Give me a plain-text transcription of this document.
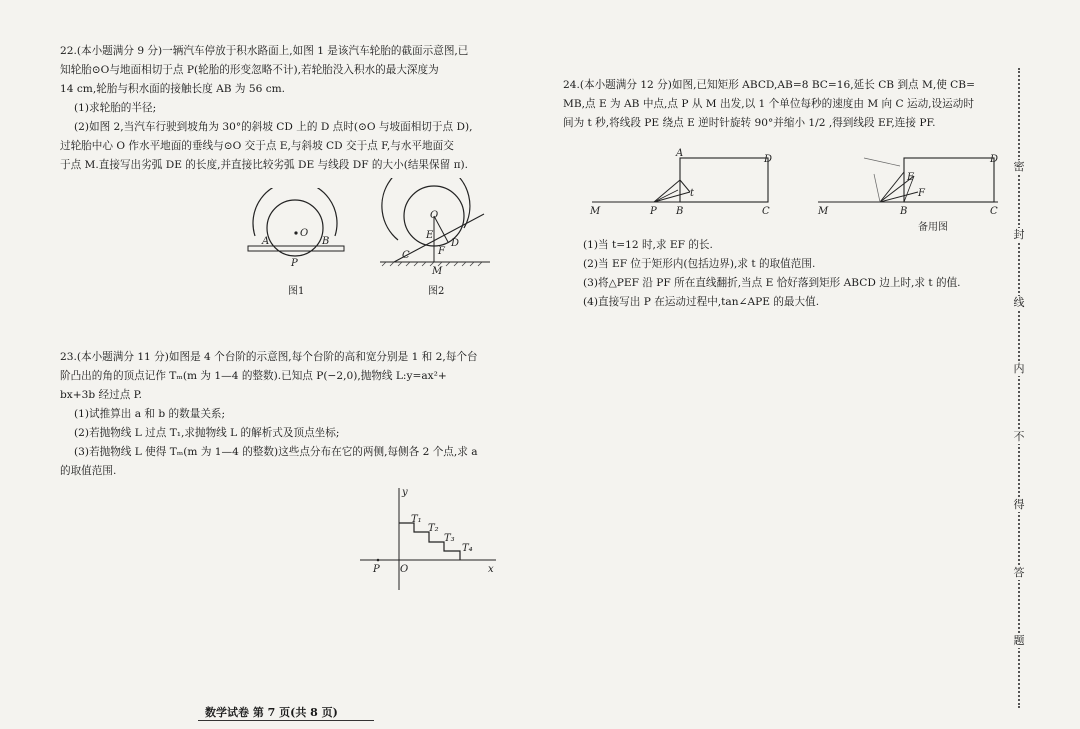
22.(本小题满分 9 分)一辆汽车停放于积水路面上,如图 1 是该汽车轮胎的截面示意图,已

知轮胎⊙O与地面相切于点 P(轮胎的形变忽略不计),若轮胎没入积水的最大深度为

14 cm,轮胎与积水面的接触长度 AB 为 56 cm.

(1)求轮胎的半径;

(2)如图 2,当汽车行驶到坡角为 30°的斜坡 CD 上的 D 点时(⊙O 与坡面相切于点 D),

过轮胎中心 O 作水平地面的垂线与⊙O 交于点 E,与斜坡 CD 交于点 F,与水平地面交

于点 M.直接写出劣弧 DE 的长度,并直接比较劣弧 DE 与线段 DF 的大小(结果保留 π).

O
A	B
P
图1
O
E
D
F
C
M
图2

23.(本小题满分 11 分)如图是 4 个台阶的示意图,每个台阶的高和宽分别是 1 和 2,每个台

阶凸出的角的顶点记作 Tₘ(m 为 1—4 的整数).已知点 P(−2,0),抛物线 L:y=ax²+

bx+3b 经过点 P.

(1)试推算出 a 和 b 的数量关系;

(2)若抛物线 L 过点 T₁,求抛物线 L 的解析式及顶点坐标;

(3)若抛物线 L 使得 Tₘ(m 为 1—4 的整数)这些点分布在它的两侧,每侧各 2 个点,求 a

的取值范围.

y
x
O
P
T₁
T₂
T₃
T₄

24.(本小题满分 12 分)如图,已知矩形 ABCD,AB=8 BC=16,延长 CB 到点 M,使 CB=

MB,点 E 为 AB 中点,点 P 从 M 出发,以 1 个单位每秒的速度由 M 向 C 运动,设运动时

间为 t 秒,将线段 PE 绕点 E 逆时针旋转 90°并缩小 1/2 ,得到线段 EF,连接 PF.

(1)当 t=12 时,求 EF 的长.

(2)当 EF 位于矩形内(包括边界),求 t 的取值范围.

(3)将△PEF 沿 PF 所在直线翻折,当点 E 恰好落到矩形 ABCD 边上时,求 t 的值.

(4)直接写出 P 在运动过程中,tan∠APE 的最大值.

A
D
M	P B	C
t
D
E
F
M	B	C
备用图
数学试卷 第 7 页(共 8 页)
密
封
线
内
不
得
答
题
